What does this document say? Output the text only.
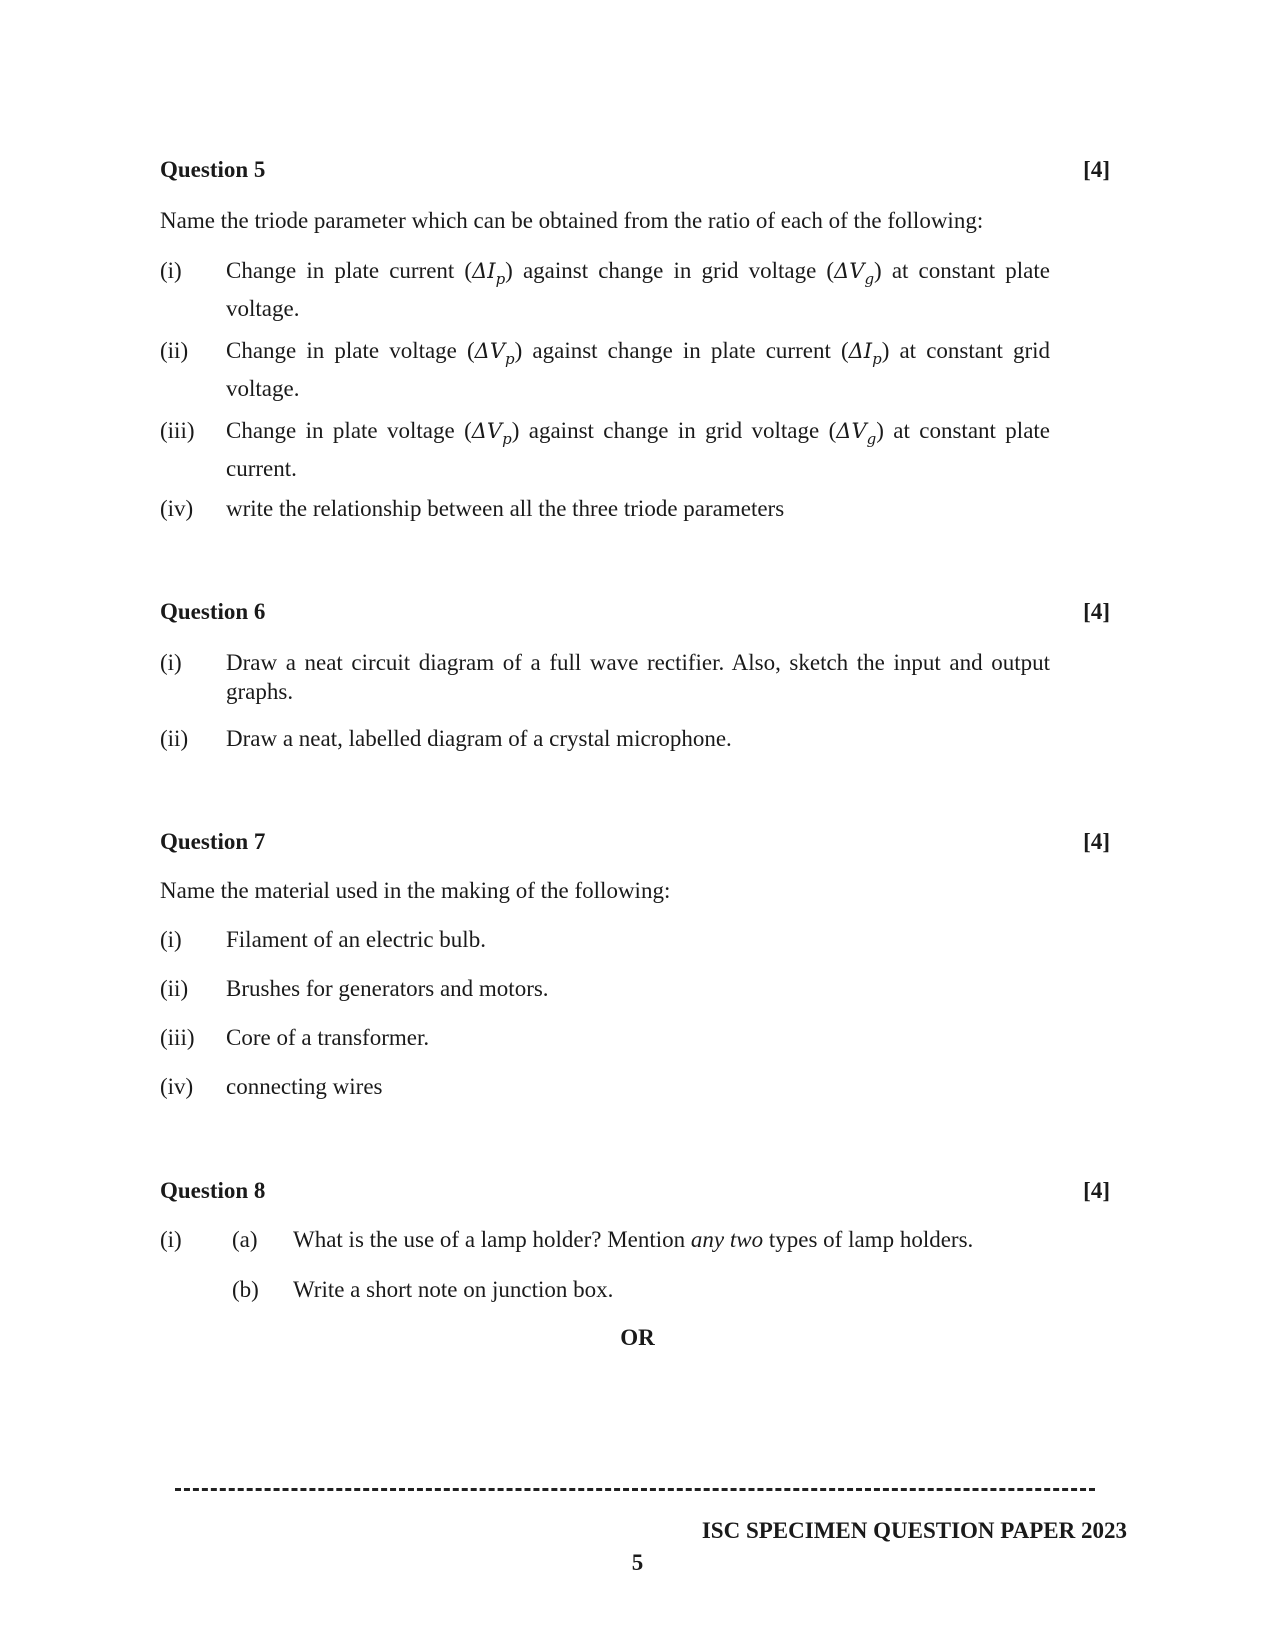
Question 5	[4]
Name the triode parameter which can be obtained from the ratio of each of the following:
(i) Change in plate current $(\Delta I_p)$ against change in grid voltage $(\Delta V_g)$ at constant plate voltage.
(ii) Change in plate voltage $(\Delta V_p)$ against change in plate current $(\Delta I_p)$ at constant grid voltage.
(iii) Change in plate voltage $(\Delta V_p)$ against change in grid voltage $(\Delta V_g)$ at constant plate current.
(iv) write the relationship between all the three triode parameters
Question 6	[4]
(i) Draw a neat circuit diagram of a full wave rectifier. Also, sketch the input and output graphs.
(ii) Draw a neat, labelled diagram of a crystal microphone.
Question 7	[4]
Name the material used in the making of the following:
(i) Filament of an electric bulb.
(ii) Brushes for generators and motors.
(iii) Core of a transformer.
(iv) connecting wires
Question 8	[4]
(i) (a) What is the use of a lamp holder? Mention any two types of lamp holders.
(b) Write a short note on junction box.
OR
ISC SPECIMEN QUESTION PAPER 2023
5
